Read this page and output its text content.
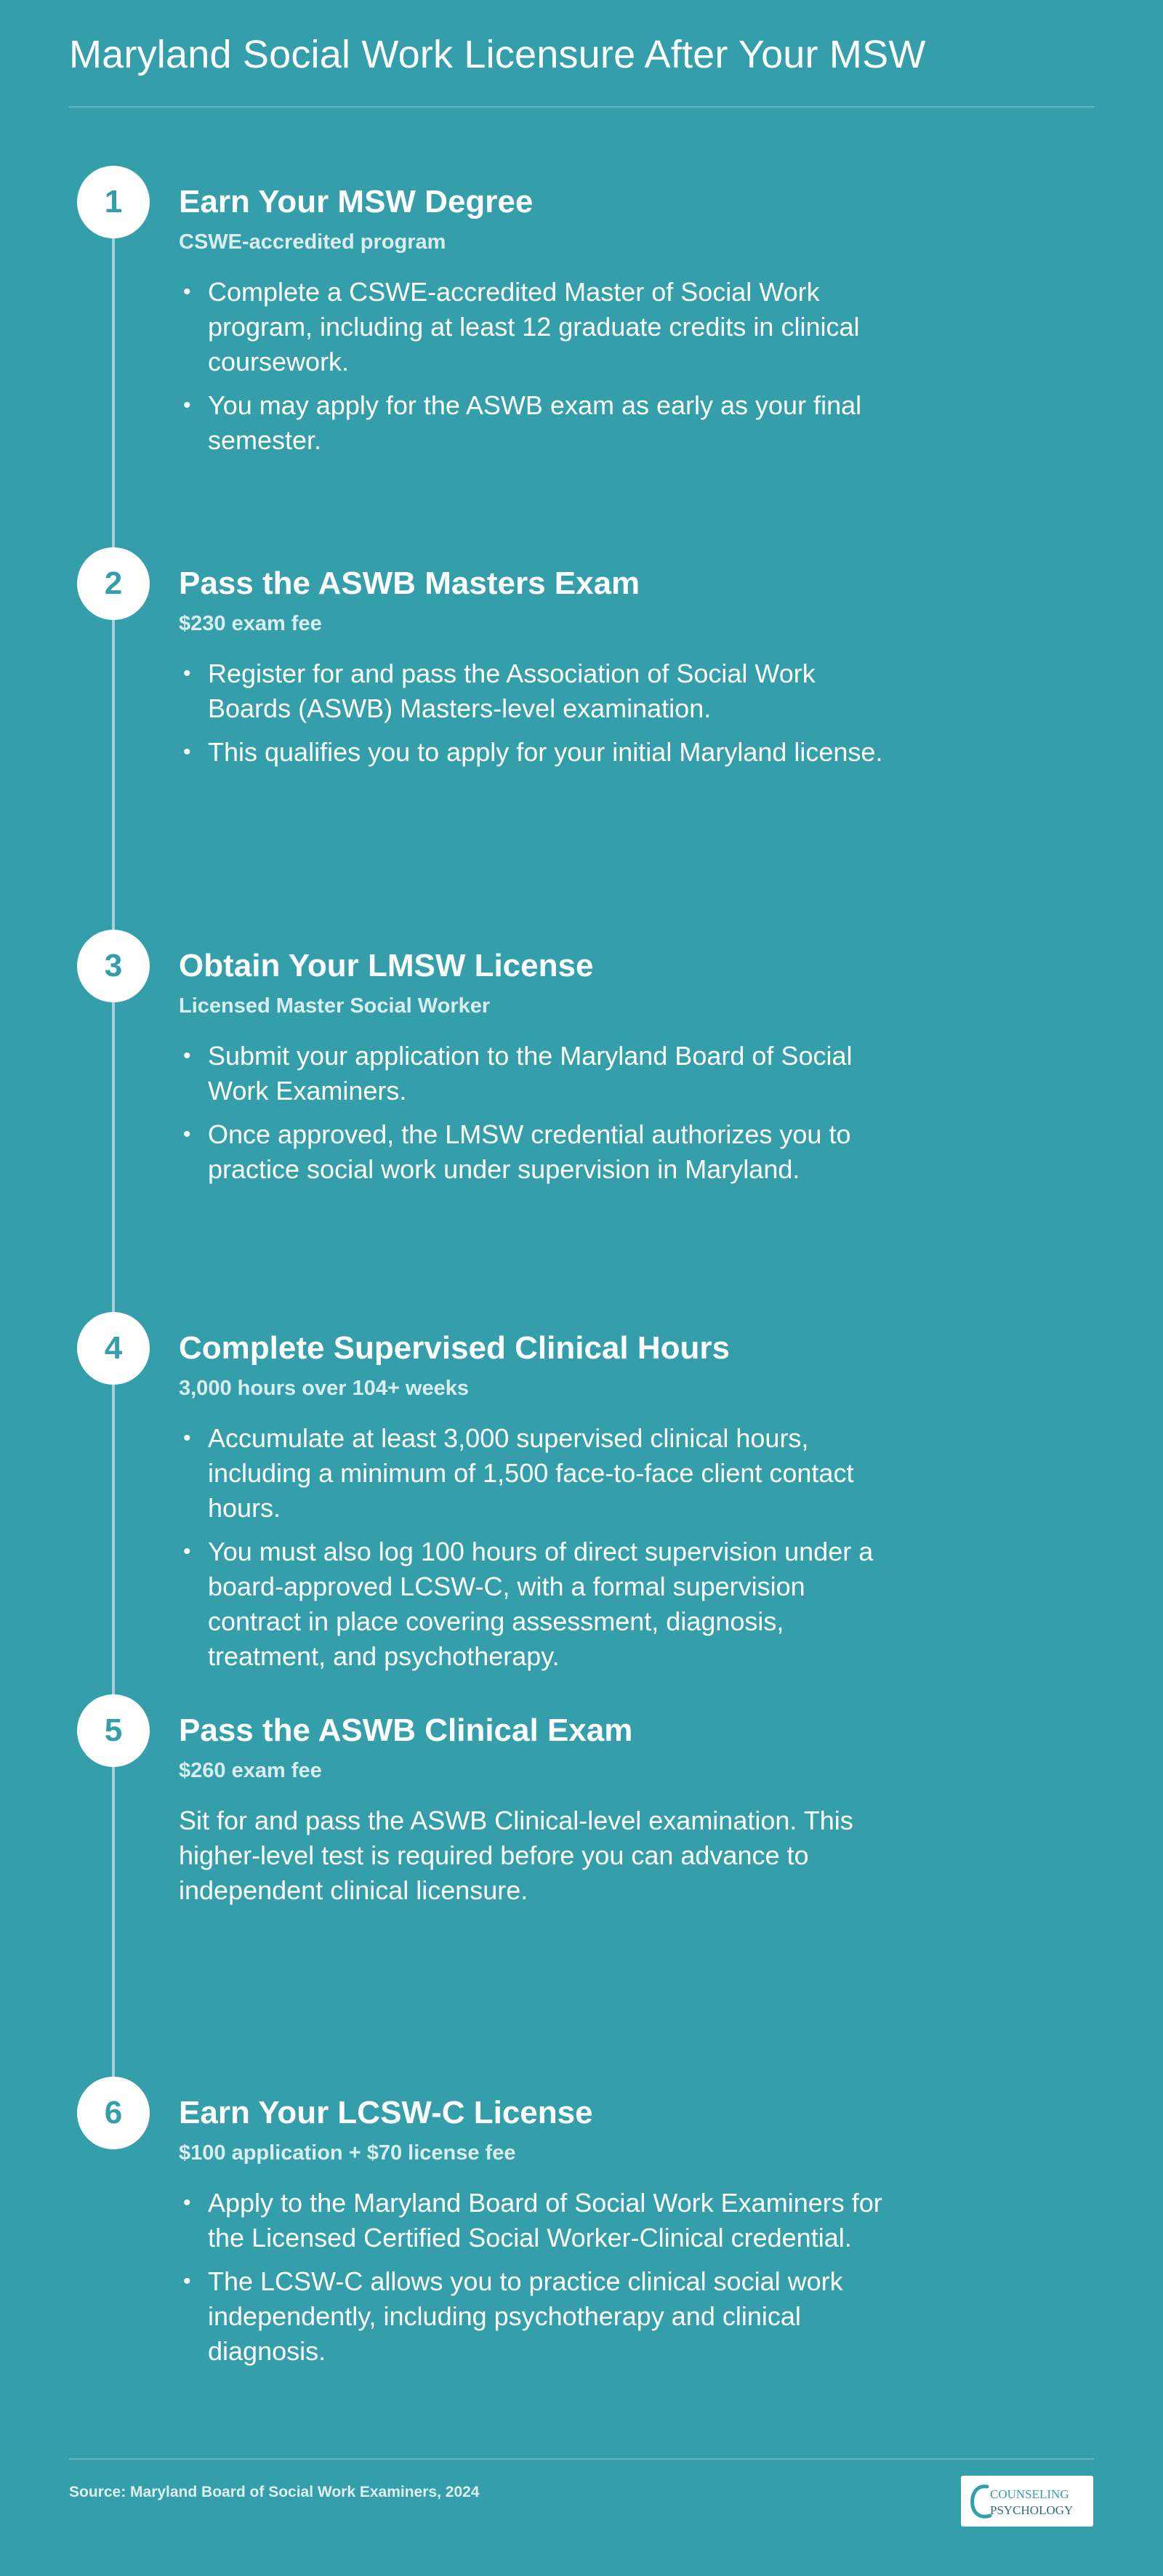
Maryland Social Work Licensure After Your MSW
1	Earn Your MSW Degree

CSWE-accredited program

• Complete a CSWE-accredited Master of Social Work program, including at least 12 graduate credits in clinical coursework.
• You may apply for the ASWB exam as early as your final semester.
2	Pass the ASWB Masters Exam

$230 exam fee

• Register for and pass the Association of Social Work Boards (ASWB) Masters-level examination.
• This qualifies you to apply for your initial Maryland license.
3	Obtain Your LMSW License

Licensed Master Social Worker

• Submit your application to the Maryland Board of Social Work Examiners.
• Once approved, the LMSW credential authorizes you to practice social work under supervision in Maryland.
4	Complete Supervised Clinical Hours

3,000 hours over 104+ weeks

• Accumulate at least 3,000 supervised clinical hours, including a minimum of 1,500 face-to-face client contact hours.
• You must also log 100 hours of direct supervision under a board-approved LCSW-C, with a formal supervision contract in place covering assessment, diagnosis, treatment, and psychotherapy.
5	Pass the ASWB Clinical Exam

$260 exam fee

Sit for and pass the ASWB Clinical-level examination. This higher-level test is required before you can advance to independent clinical licensure.

6	Earn Your LCSW-C License

$100 application + $70 license fee

• Apply to the Maryland Board of Social Work Examiners for the Licensed Certified Social Worker-Clinical credential.
• The LCSW-C allows you to practice clinical social work independently, including psychotherapy and clinical diagnosis.
Source: Maryland Board of Social Work Examiners, 2024	COUNSELING
PSYCHOLOGY
